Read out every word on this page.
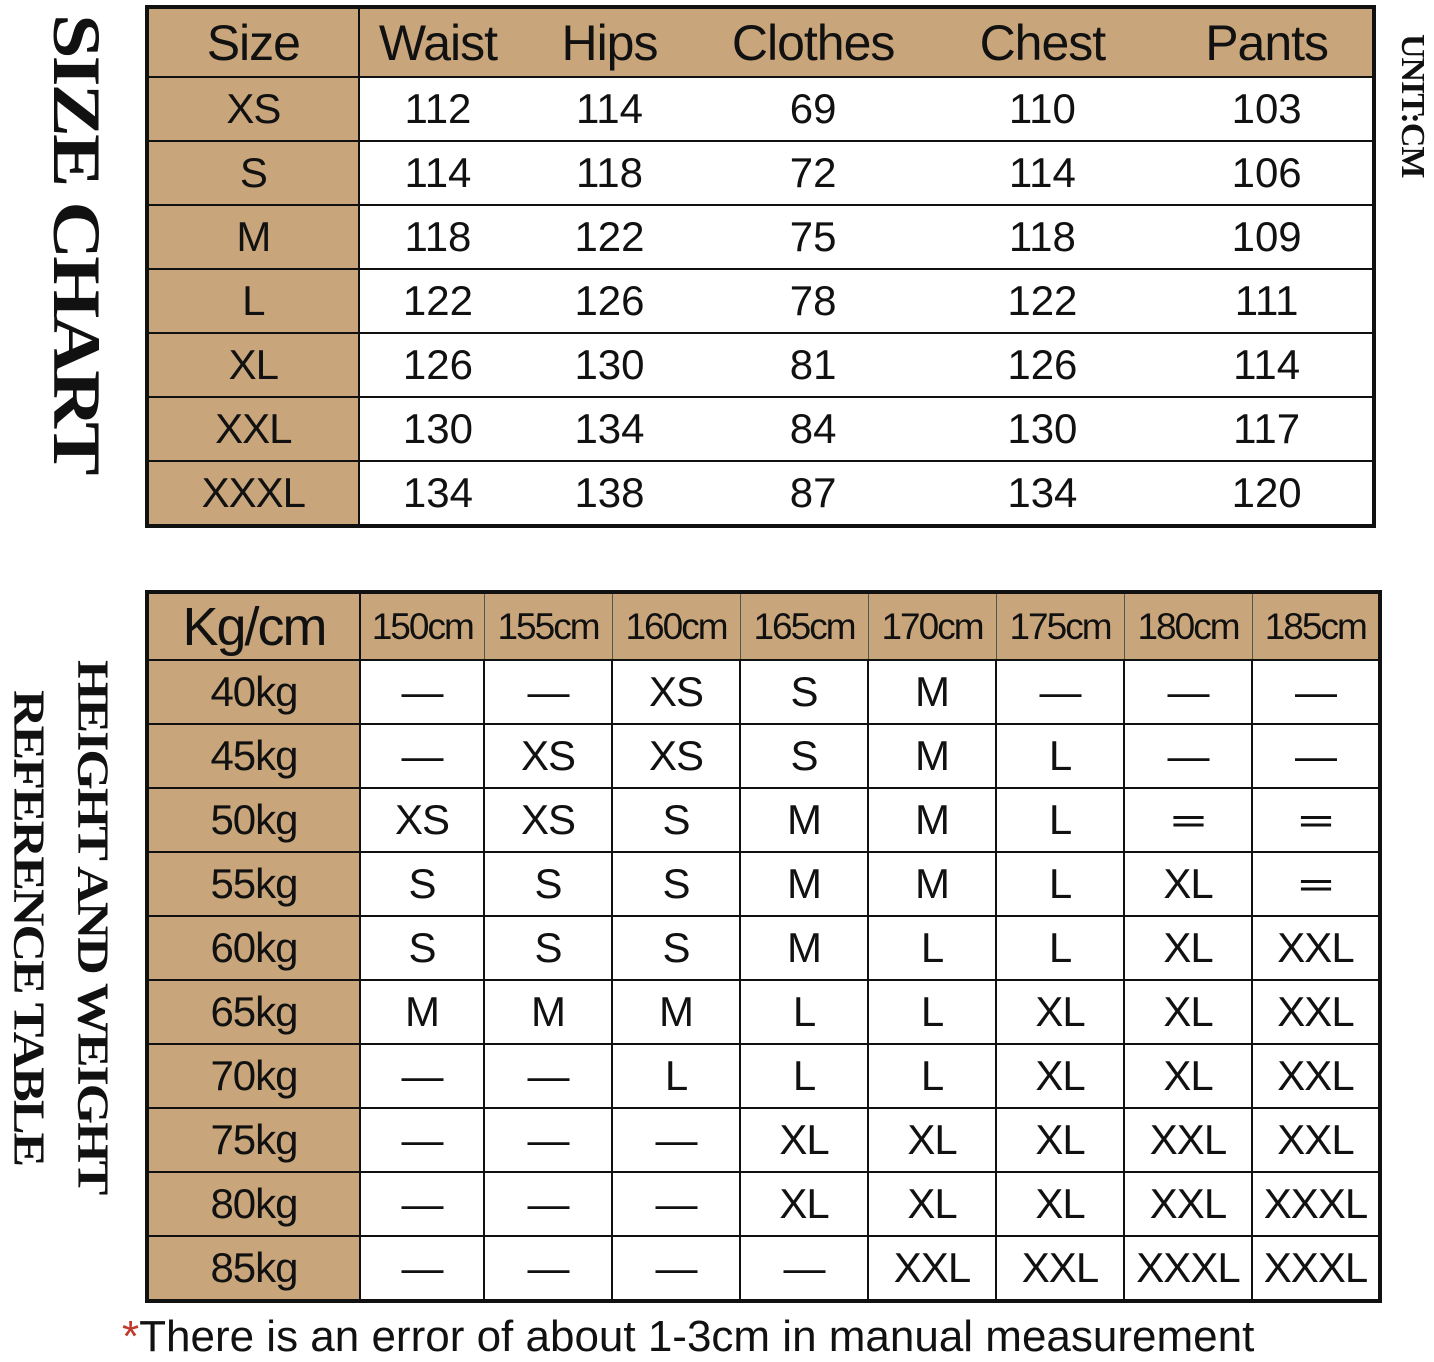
SIZE CHART	UNIT:CM
Size	Waist	Hips	Clothes	Chest	Pants
XS	112	114	69	110	103
S	114	118	72	114	106
M	118	122	75	118	109
L	122	126	78	122	111
XL	126	130	81	126	114
XXL	130	134	84	130	117
XXXL	134	138	87	134	120
HEIGHT AND WEIGHT
REFERENCE TABLE
Kg/cm	150cm	155cm	160cm	165cm	170cm	175cm	180cm	185cm
40kg	—	—	XS	S	M	—	—	—
45kg	—	XS	XS	S	M	L	—	—
50kg	XS	XS	S	M	M	L	═	═
55kg	S	S	S	M	M	L	XL	═
60kg	S	S	S	M	L	L	XL	XXL
65kg	M	M	M	L	L	XL	XL	XXL
70kg	—	—	L	L	L	XL	XL	XXL
75kg	—	—	—	XL	XL	XL	XXL	XXL
80kg	—	—	—	XL	XL	XL	XXL	XXXL
85kg	—	—	—	—	XXL	XXL	XXXL	XXXL
*There is an error of about 1-3cm in manual measurement
